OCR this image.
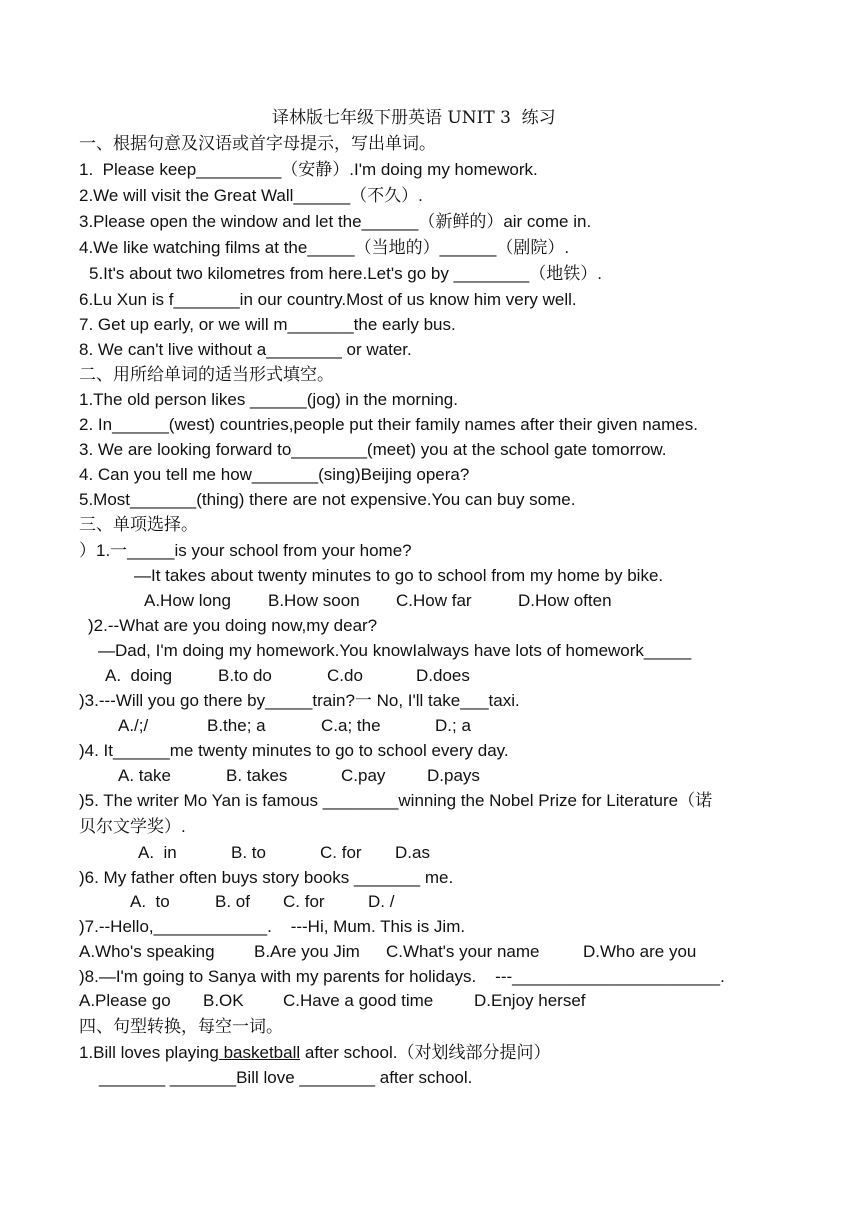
译林版七年级下册英语 UNIT 3  练习
一、根据句意及汉语或首字母提示，写出单词。
1.  Please keep_________（安静）.I'm doing my homework.
2.We will visit the Great Wall______（不久）.
3.Please open the window and let the______（新鲜的）air come in.
4.We like watching films at the_____（当地的）______（剧院）.
5.It's about two kilometres from here.Let's go by ________（地铁）.
6.Lu Xun is f_______in our country.Most of us know him very well.
7. Get up early, or we will m_______the early bus.
8. We can't live without a________ or water.
二、用所给单词的适当形式填空。
1.The old person likes ______(jog) in the morning.
2. In______(west) countries,people put their family names after their given names.
3. We are looking forward to________(meet) you at the school gate tomorrow.
4. Can you tell me how_______(sing)Beijing opera?
5.Most_______(thing) there are not expensive.You can buy some.
三、单项选择。
）1.一_____is your school from your home?
—It takes about twenty minutes to go to school from my home by bike.
A.How long B.How soon C.How far	D.How often
)2.--What are you doing now,my dear?
—Dad, I'm doing my homework.You knowIalways have lots of homework_____
A.  doing	B.to do	C.do	D.does
)3.---Will you go there by_____train?一 No, I'll take___taxi.
A./;/	B.the; a	C.a; the	D.; a
)4. It______me twenty minutes to go to school every day.
A. take	B. takes	C.pay D.pays
)5. The writer Mo Yan is famous ________winning the Nobel Prize for Literature（诺
贝尔文学奖）.
A.  in	B. to	C. for D.as
)6. My father often buys story books _______ me.
A.  to	B. of C. for	D. /
)7.--Hello,____________.    ---Hi, Mum. This is Jim.
A.Who's speaking B.Are you Jim C.What's your name	D.Who are you
)8.—I'm going to Sanya with my parents for holidays.    ---______________________.
A.Please go B.OK C.Have a good time D.Enjoy hersef
四、句型转换，每空一词。
1.Bill loves playing basketball after school.（对划线部分提问）
_______ _______Bill love ________ after school.
